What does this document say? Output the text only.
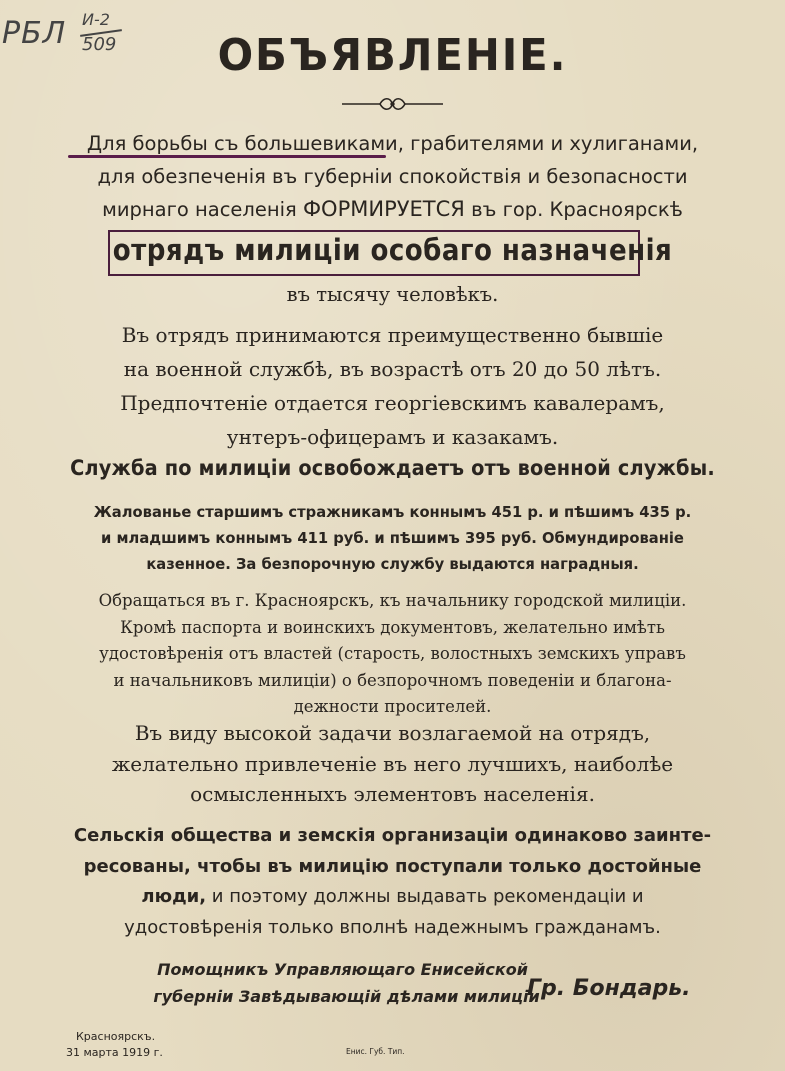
РБЛ И-2
509	ОБЪЯВЛЕНІЕ.
Для борьбы съ большевиками, грабителями и хулиганами,
для обезпеченія въ губерніи спокойствія и безопасности
мирнаго населенія ФОРМИРУЕТСЯ въ гор. Красноярскѣ
отрядъ милиціи особаго назначенія
въ тысячу человѣкъ.
Въ отрядъ принимаются преимущественно бывшіе
на военной службѣ, въ возрастѣ отъ 20 до 50 лѣтъ.
Предпочтеніе отдается георгіевскимъ кавалерамъ,
унтеръ-офицерамъ и казакамъ.
Служба по милиціи освобождаетъ отъ военной службы.
Жалованье старшимъ стражникамъ коннымъ 451 р. и пѣшимъ 435 р.
и младшимъ коннымъ 411 руб. и пѣшимъ 395 руб. Обмундированіе
казенное. За безпорочную службу выдаются наградныя.
Обращаться въ г. Красноярскъ, къ начальнику городской милиціи.
Кромѣ паспорта и воинскихъ документовъ, желательно имѣть
удостовѣренія отъ властей (старость, волостныхъ земскихъ управъ
и начальниковъ милиціи) о безпорочномъ поведеніи и благона-
дежности просителей.
Въ виду высокой задачи возлагаемой на отрядъ,
желательно привлеченіе въ него лучшихъ, наиболѣе
осмысленныхъ элементовъ населенія.
Сельскія общества и земскія организаціи одинаково заинте-
ресованы, чтобы въ милицію поступали только достойные
люди, и поэтому должны выдавать рекомендаціи и
удостовѣренія только вполнѣ надежнымъ гражданамъ.
Помощникъ Управляющаго Енисейской
губерніи Завѣдывающій дѣлами милиціи
Гр. Бондарь.
Красноярскъ.
31 марта 1919 г.	Енис. Губ. Тип.
